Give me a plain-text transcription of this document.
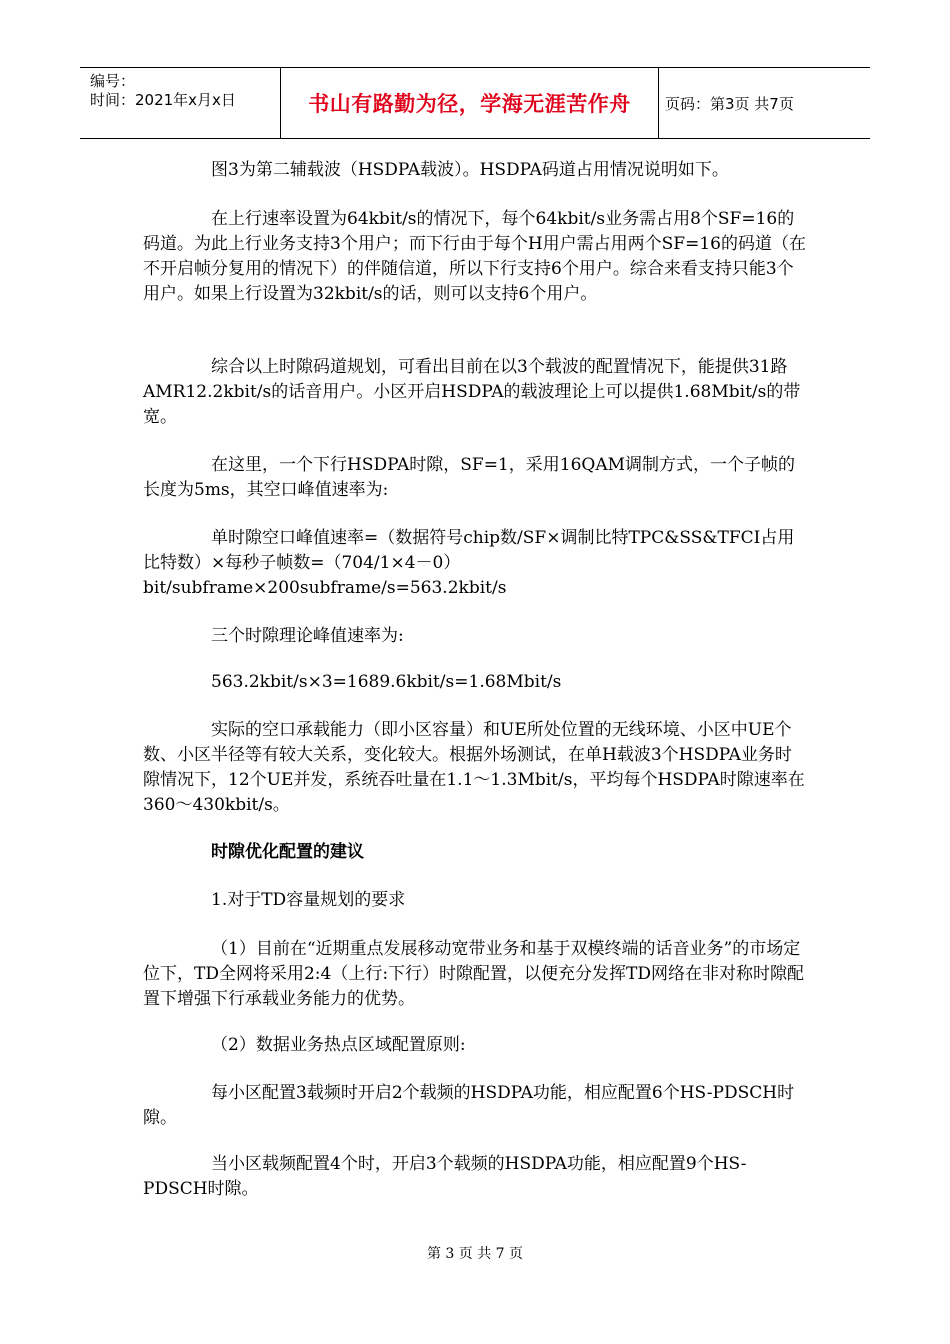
编号：
时间：2021年x月x日	书山有路勤为径，学海无涯苦作舟	页码：第3页 共7页

图3为第二辅载波（HSDPA载波）。HSDPA码道占用情况说明如下。

在上行速率设置为64kbit/s的情况下，每个64kbit/s业务需占用8个SF=16的码道。为此上行业务支持3个用户；而下行由于每个H用户需占用两个SF=16的码道（在不开启帧分复用的情况下）的伴随信道，所以下行支持6个用户。综合来看支持只能3个用户。如果上行设置为32kbit/s的话，则可以支持6个用户。

综合以上时隙码道规划，可看出目前在以3个载波的配置情况下，能提供31路AMR12.2kbit/s的话音用户。小区开启HSDPA的载波理论上可以提供1.68Mbit/s的带宽。

在这里，一个下行HSDPA时隙，SF=1，采用16QAM调制方式，一个子帧的长度为5ms，其空口峰值速率为:

单时隙空口峰值速率=（数据符号chip数/SF×调制比特TPC&SS&TFCI占用比特数）×每秒子帧数=（704/1×4－0）bit/subframe×200subframe/s=563.2kbit/s

三个时隙理论峰值速率为:

563.2kbit/s×3=1689.6kbit/s=1.68Mbit/s

实际的空口承载能力（即小区容量）和UE所处位置的无线环境、小区中UE个数、小区半径等有较大关系，变化较大。根据外场测试，在单H载波3个HSDPA业务时隙情况下，12个UE并发，系统吞吐量在1.1～1.3Mbit/s，平均每个HSDPA时隙速率在360～430kbit/s。

时隙优化配置的建议

1.对于TD容量规划的要求

（1）目前在“近期重点发展移动宽带业务和基于双模终端的话音业务”的市场定位下，TD全网将采用2:4（上行:下行）时隙配置，以便充分发挥TD网络在非对称时隙配置下增强下行承载业务能力的优势。

（2）数据业务热点区域配置原则:

每小区配置3载频时开启2个载频的HSDPA功能，相应配置6个HS-PDSCH时隙。

当小区载频配置4个时，开启3个载频的HSDPA功能，相应配置9个HS-PDSCH时隙。

第 3 页 共 7 页
